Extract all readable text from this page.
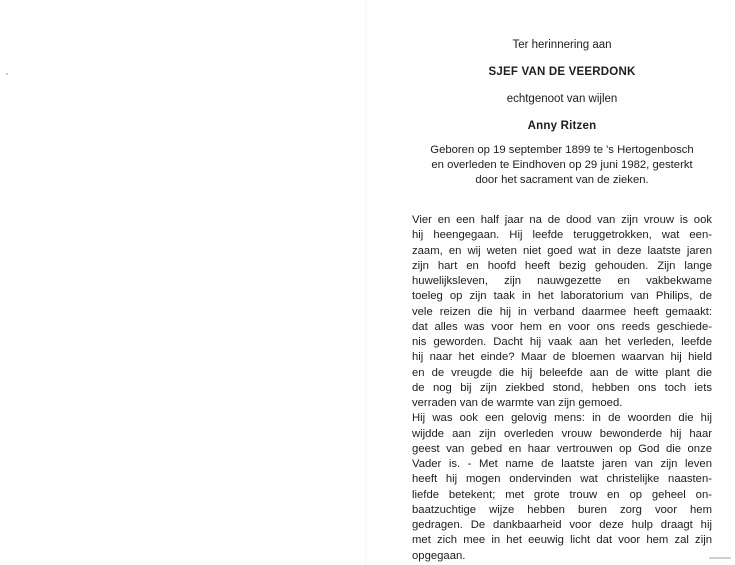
Ter herinnering aan
SJEF VAN DE VEERDONK
echtgenoot van wijlen
Anny Ritzen
Geboren op 19 september 1899 te 's Hertogenbosch
en overleden te Eindhoven op 29 juni 1982, gesterkt
door het sacrament van de zieken.
Vier en een half jaar na de dood van zijn vrouw is ook
hij heengegaan. Hij leefde teruggetrokken, wat een-
zaam, en wij weten niet goed wat in deze laatste jaren
zijn hart en hoofd heeft bezig gehouden. Zijn lange
huwelijksleven, zijn nauwgezette en vakbekwame
toeleg op zijn taak in het laboratorium van Philips, de
vele reizen die hij in verband daarmee heeft gemaakt:
dat alles was voor hem en voor ons reeds geschiede-
nis geworden. Dacht hij vaak aan het verleden, leefde
hij naar het einde? Maar de bloemen waarvan hij hield
en de vreugde die hij beleefde aan de witte plant die
de nog bij zijn ziekbed stond, hebben ons toch iets
verraden van de warmte van zijn gemoed.
Hij was ook een gelovig mens: in de woorden die hij
wijdde aan zijn overleden vrouw bewonderde hij haar
geest van gebed en haar vertrouwen op God die onze
Vader is. - Met name de laatste jaren van zijn leven
heeft hij mogen ondervinden wat christelijke naasten-
liefde betekent; met grote trouw en op geheel on-
baatzuchtige wijze hebben buren zorg voor hem
gedragen. De dankbaarheid voor deze hulp draagt hij
met zich mee in het eeuwig licht dat voor hem zal zijn
opgegaan.
